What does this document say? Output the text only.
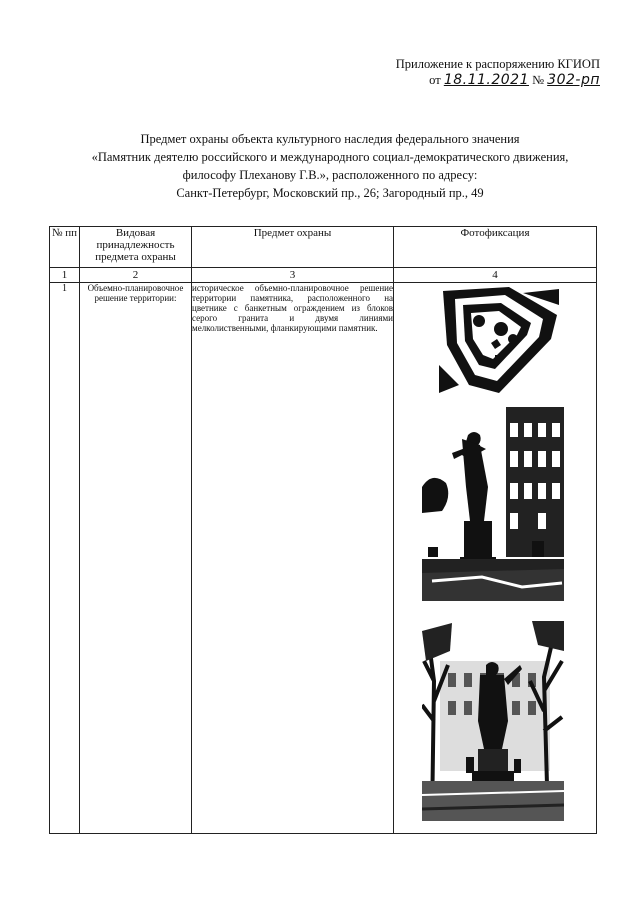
Приложение к распоряжению КГИОП
от 18.11.2021 № 302-рп
Предмет охраны объекта культурного наследия федерального значения
«Памятник деятелю российского и международного социал-демократического движения,
философу Плеханову Г.В.», расположенного по адресу:
Санкт-Петербург, Московский пр., 26; Загородный пр., 49
№ пп	Видовая принадлежность предмета охраны	Предмет охраны	Фотофиксация
1	2	3	4
1	Объемно-планировочное решение территории:	историческое объемно-планировочное решение территории памятника, расположенного на цветнике с банкетным ограждением из блоков серого гранита и двумя линиями мелколиственными, фланкирующими памятник.	
